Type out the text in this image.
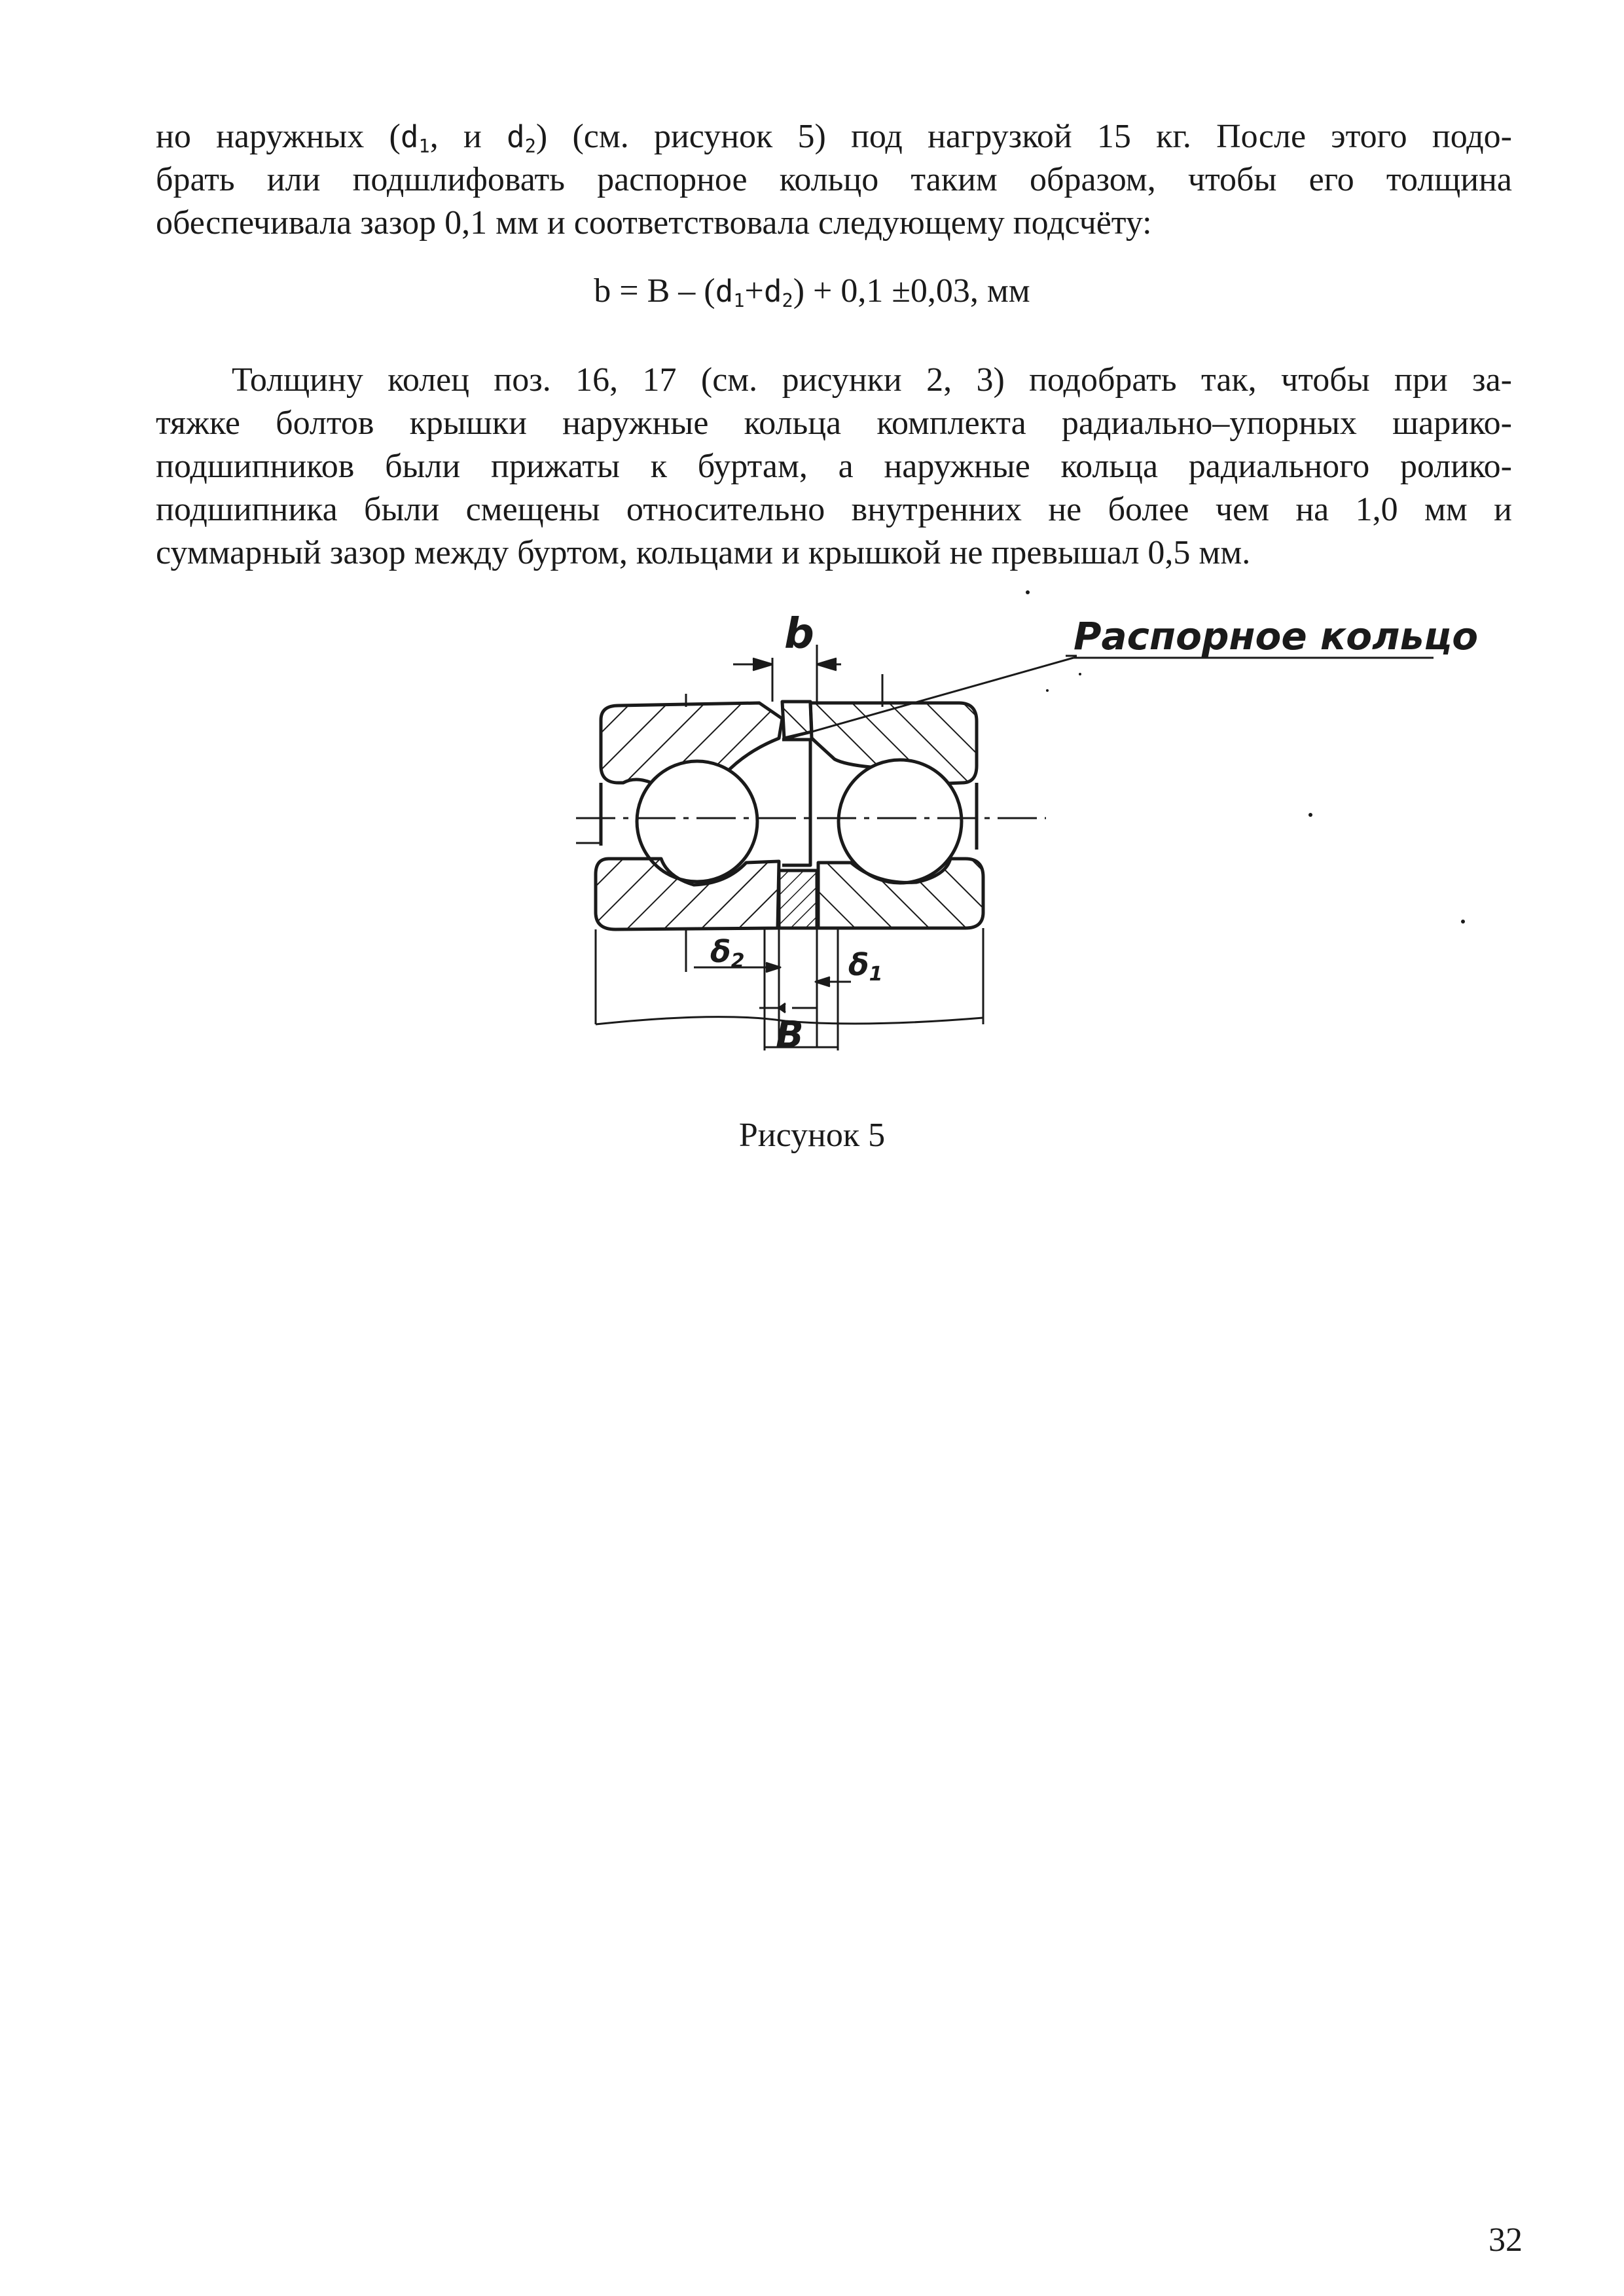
но наружных ($d_1$, и $d_2$) (см. рисунок 5) под нагрузкой 15 кг. После этого подо-
брать или подшлифовать распорное кольцо таким образом, чтобы его толщина
обеспечивала зазор 0,1 мм и соответствовала следующему подсчёту:
$b = B - (d_1+d_2) + 0,1 \pm 0,03$, мм
Толщину колец поз. 16, 17 (см. рисунки 2, 3) подобрать так, чтобы при за-
тяжке болтов крышки наружные кольца комплекта радиально–упорных шарико-
подшипников были прижаты к буртам, а наружные кольца радиального ролико-
подшипника были смещены относительно внутренних не более чем на 1,0 мм и
суммарный зазор между буртом, кольцами и крышкой не превышал 0,5 мм.
b
B
δ2	δ1
Распорное кольцо
Рисунок 5
32
